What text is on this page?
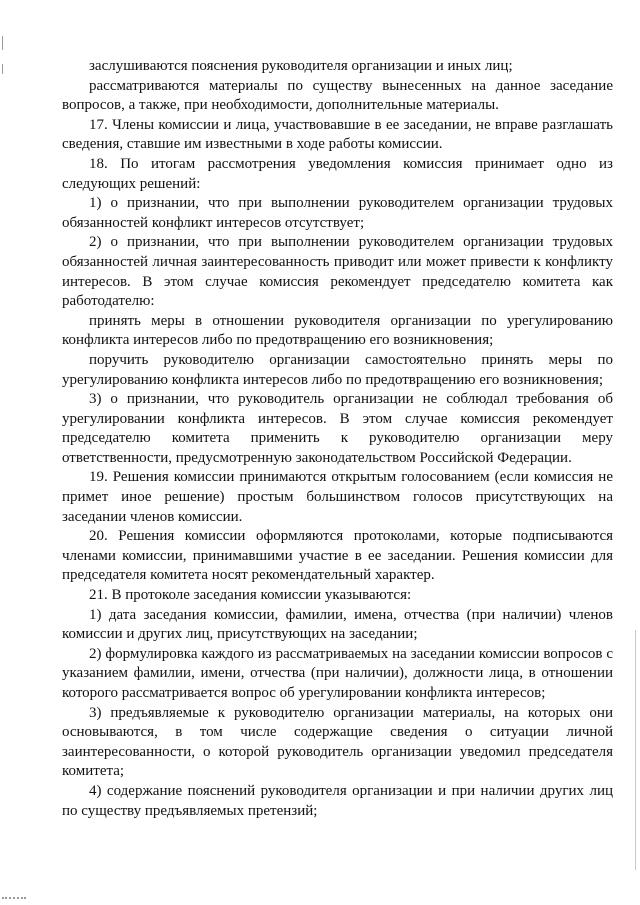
заслушиваются пояснения руководителя организации и иных лиц;

рассматриваются материалы по существу вынесенных на данное заседание вопросов, а также, при необходимости, дополнительные материалы.

17. Члены комиссии и лица, участвовавшие в ее заседании, не вправе разглашать сведения, ставшие им известными в ходе работы комиссии.

18. По итогам рассмотрения уведомления комиссия принимает одно из следующих решений:

1) о признании, что при выполнении руководителем организации трудовых обязанностей конфликт интересов отсутствует;

2) о признании, что при выполнении руководителем организации трудовых обязанностей личная заинтересованность приводит или может привести к конфликту интересов. В этом случае комиссия рекомендует председателю комитета как работодателю:

принять меры в отношении руководителя организации по урегулированию конфликта интересов либо по предотвращению его возникновения;

поручить руководителю организации самостоятельно принять меры по урегулированию конфликта интересов либо по предотвращению его возникновения;

3) о признании, что руководитель организации не соблюдал требования об урегулировании конфликта интересов. В этом случае комиссия рекомендует председателю комитета применить к руководителю организации меру ответственности, предусмотренную законодательством Российской Федерации.

19. Решения комиссии принимаются открытым голосованием (если комиссия не примет иное решение) простым большинством голосов присутствующих на заседании членов комиссии.

20. Решения комиссии оформляются протоколами, которые подписываются членами комиссии, принимавшими участие в ее заседании. Решения комиссии для председателя комитета носят рекомендательный характер.

21. В протоколе заседания комиссии указываются:

1) дата заседания комиссии, фамилии, имена, отчества (при наличии) членов комиссии и других лиц, присутствующих на заседании;

2) формулировка каждого из рассматриваемых на заседании комиссии вопросов с указанием фамилии, имени, отчества (при наличии), должности лица, в отношении которого рассматривается вопрос об урегулировании конфликта интересов;

3) предъявляемые к руководителю организации материалы, на которых они основываются, в том числе содержащие сведения о ситуации личной заинтересованности, о которой руководитель организации уведомил председателя комитета;

4) содержание пояснений руководителя организации и при наличии других лиц по существу предъявляемых претензий;
